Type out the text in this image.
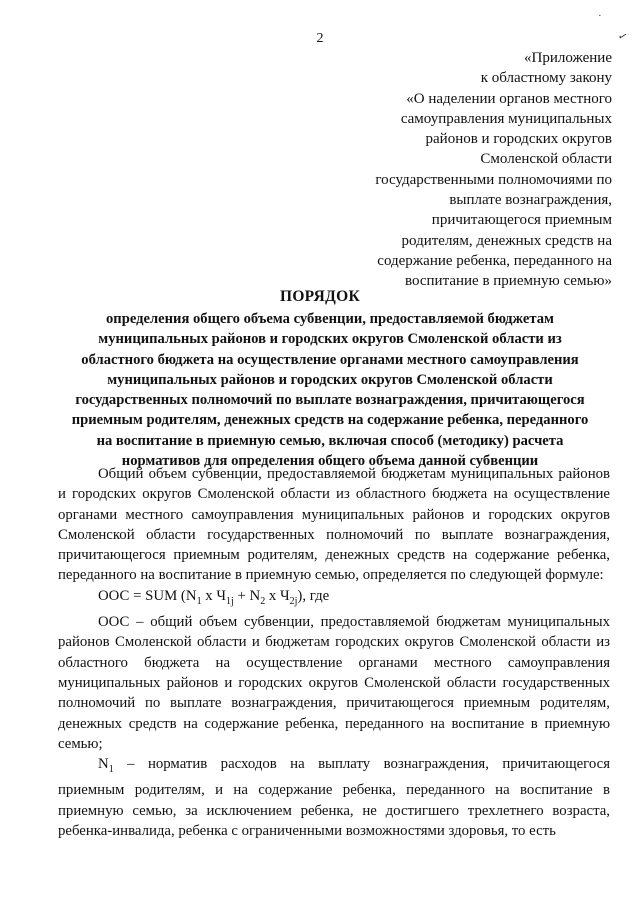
2
·
✓
«Приложение
к областному закону
«О наделении органов местного
самоуправления муниципальных
районов и городских округов
Смоленской области
государственными полномочиями по
выплате вознаграждения,
причитающегося приемным
родителям, денежных средств на
содержание ребенка, переданного на
воспитание в приемную семью»
ПОРЯДОК
определения общего объема субвенции, предоставляемой бюджетам
муниципальных районов и городских округов Смоленской области из
областного бюджета на осуществление органами местного самоуправления
муниципальных районов и городских округов Смоленской области
государственных полномочий по выплате вознаграждения, причитающегося
приемным родителям, денежных средств на содержание ребенка, переданного
на воспитание в приемную семью, включая способ (методику) расчета
нормативов для определения общего объема данной субвенции

Общий объем субвенции, предоставляемой бюджетам муниципальных районов и городских округов Смоленской области из областного бюджета на осуществление органами местного самоуправления муниципальных районов и городских округов Смоленской области государственных полномочий по выплате вознаграждения, причитающегося приемным родителям, денежных средств на содержание ребенка, переданного на воспитание в приемную семью, определяется по следующей формуле:

ООС = SUM ($N_1$ x $Ч_{1j} + N_2$ x $Ч_{2j}$), где

ООС – общий объем субвенции, предоставляемой бюджетам муниципальных районов Смоленской области и бюджетам городских округов Смоленской области из областного бюджета на осуществление органами местного самоуправления муниципальных районов и городских округов Смоленской области государственных полномочий по выплате вознаграждения, причитающегося приемным родителям, денежных средств на содержание ребенка, переданного на воспитание в приемную семью;

$N_1$ – норматив расходов на выплату вознаграждения, причитающегося приемным родителям, и на содержание ребенка, переданного на воспитание в приемную семью, за исключением ребенка, не достигшего трехлетнего возраста, ребенка-инвалида, ребенка с ограниченными возможностями здоровья, то есть
